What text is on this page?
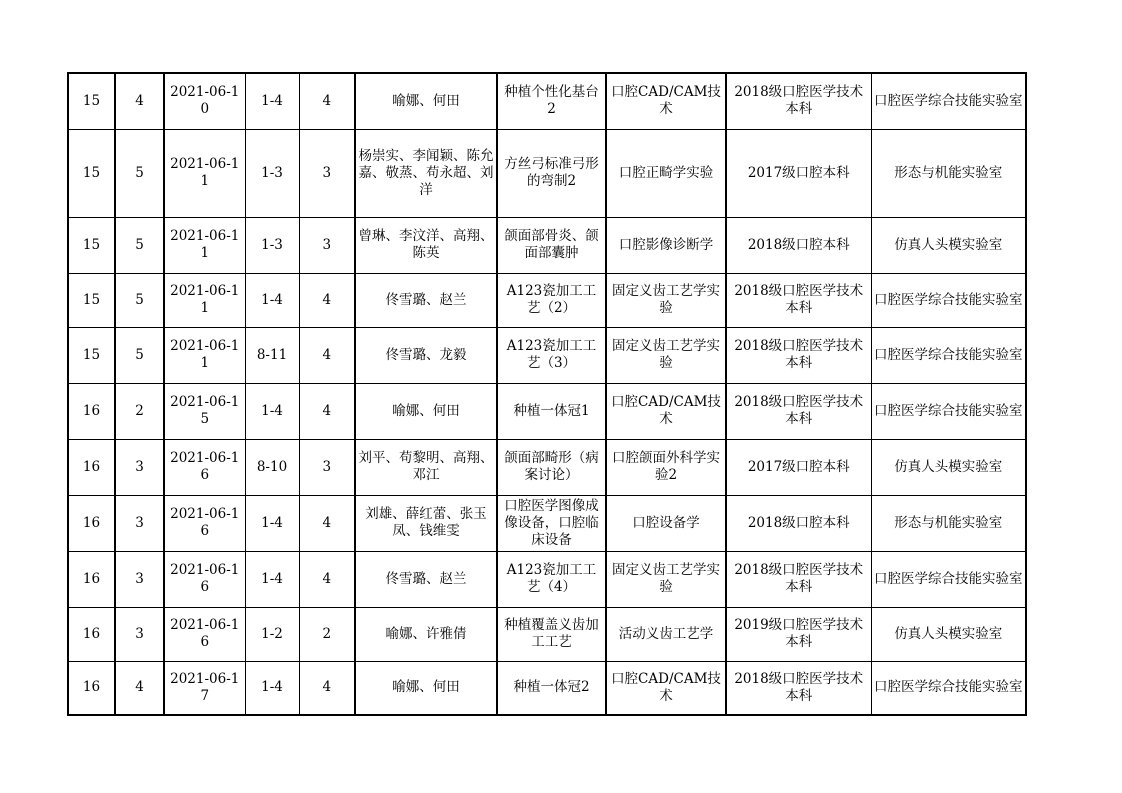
15	4	2021-06-10	1-4	4	喻娜、何田	种植个性化基台2	口腔CAD/CAM技术	2018级口腔医学技术本科	口腔医学综合技能实验室
15	5	2021-06-11	1-3	3	杨崇实、李闻颖、陈允嘉、敬蒸、苟永超、刘洋	方丝弓标准弓形的弯制2	口腔正畸学实验	2017级口腔本科	形态与机能实验室
15	5	2021-06-11	1-3	3	曾琳、李汶洋、高翔、陈英	颌面部骨炎、颌面部囊肿	口腔影像诊断学	2018级口腔本科	仿真人头模实验室
15	5	2021-06-11	1-4	4	佟雪璐、赵兰	A123瓷加工工艺（2）	固定义齿工艺学实验	2018级口腔医学技术本科	口腔医学综合技能实验室
15	5	2021-06-11	8-11	4	佟雪璐、龙毅	A123瓷加工工艺（3）	固定义齿工艺学实验	2018级口腔医学技术本科	口腔医学综合技能实验室
16	2	2021-06-15	1-4	4	喻娜、何田	种植一体冠1	口腔CAD/CAM技术	2018级口腔医学技术本科	口腔医学综合技能实验室
16	3	2021-06-16	8-10	3	刘平、苟黎明、高翔、邓江	颌面部畸形（病案讨论）	口腔颌面外科学实验2	2017级口腔本科	仿真人头模实验室
16	3	2021-06-16	1-4	4	刘雄、薛红蕾、张玉凤、钱维雯	口腔医学图像成像设备，口腔临床设备	口腔设备学	2018级口腔本科	形态与机能实验室
16	3	2021-06-16	1-4	4	佟雪璐、赵兰	A123瓷加工工艺（4）	固定义齿工艺学实验	2018级口腔医学技术本科	口腔医学综合技能实验室
16	3	2021-06-16	1-2	2	喻娜、许雅倩	种植覆盖义齿加工工艺	活动义齿工艺学	2019级口腔医学技术本科	仿真人头模实验室
16	4	2021-06-17	1-4	4	喻娜、何田	种植一体冠2	口腔CAD/CAM技术	2018级口腔医学技术本科	口腔医学综合技能实验室
